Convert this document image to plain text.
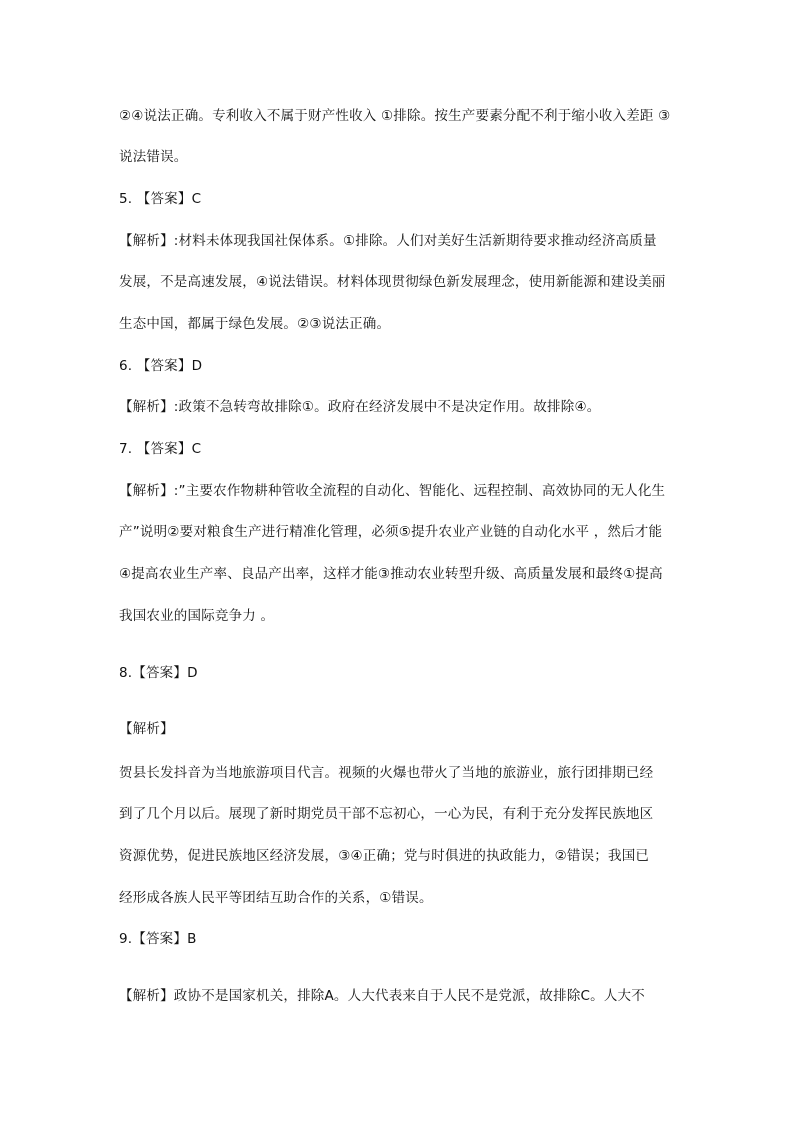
②④说法正确。专利收入不属于财产性收入 ①排除。按生产要素分配不利于缩小收入差距 ③
说法错误。
5. 【答案】C
【解析】:材料未体现我国社保体系。①排除。人们对美好生活新期待要求推动经济高质量
发展，不是高速发展，④说法错误。材料体现贯彻绿色新发展理念，使用新能源和建设美丽
生态中国，都属于绿色发展。②③说法正确。
6. 【答案】D
【解析】:政策不急转弯故排除①。政府在经济发展中不是决定作用。故排除④。
7. 【答案】C
【解析】:”主要农作物耕种管收全流程的自动化、智能化、远程控制、高效协同的无人化生
产”说明②要对粮食生产进行精准化管理，必须⑤提升农业产业链的自动化水平 ，然后才能
④提高农业生产率、良品产出率，这样才能③推动农业转型升级、高质量发展和最终①提高
我国农业的国际竞争力 。
8.【答案】D
【解析】
贺县长发抖音为当地旅游项目代言。视频的火爆也带火了当地的旅游业，旅行团排期已经
到了几个月以后。展现了新时期党员干部不忘初心，一心为民，有利于充分发挥民族地区
资源优势，促进民族地区经济发展，③④正确；党与时俱进的执政能力，②错误；我国已
经形成各族人民平等团结互助合作的关系，①错误。
9.【答案】B
【解析】政协不是国家机关，排除A。人大代表来自于人民不是党派，故排除C。人大不
